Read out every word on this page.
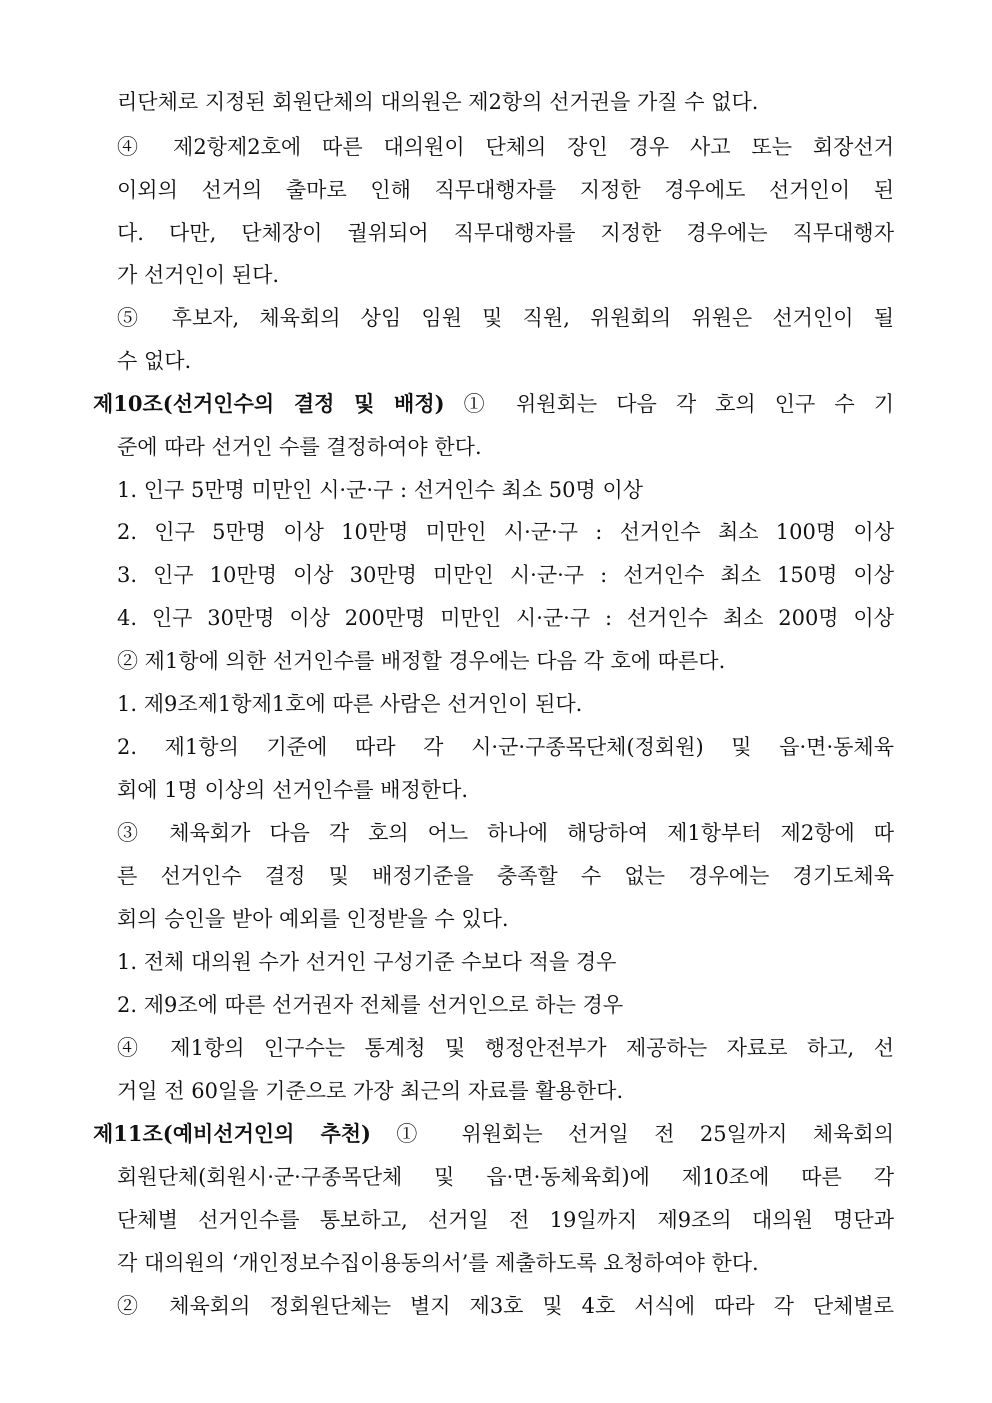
리단체로 지정된 회원단체의 대의원은 제2항의 선거권을 가질 수 없다.
④ 제2항제2호에 따른 대의원이 단체의 장인 경우 사고 또는 회장선거
이외의 선거의 출마로 인해 직무대행자를 지정한 경우에도 선거인이 된
다. 다만, 단체장이 궐위되어 직무대행자를 지정한 경우에는 직무대행자
가 선거인이 된다.
⑤ 후보자, 체육회의 상임 임원 및 직원, 위원회의 위원은 선거인이 될
수 없다.
제10조(선거인수의 결정 및 배정) ① 위원회는 다음 각 호의 인구 수 기
준에 따라 선거인 수를 결정하여야 한다.
1. 인구 5만명 미만인 시·군·구 : 선거인수 최소 50명 이상
2. 인구 5만명 이상 10만명 미만인 시·군·구 : 선거인수 최소 100명 이상
3. 인구 10만명 이상 30만명 미만인 시·군·구 : 선거인수 최소 150명 이상
4. 인구 30만명 이상 200만명 미만인 시·군·구 : 선거인수 최소 200명 이상
② 제1항에 의한 선거인수를 배정할 경우에는 다음 각 호에 따른다.
1. 제9조제1항제1호에 따른 사람은 선거인이 된다.
2. 제1항의 기준에 따라 각 시·군·구종목단체(정회원) 및 읍·면·동체육
회에 1명 이상의 선거인수를 배정한다.
③ 체육회가 다음 각 호의 어느 하나에 해당하여 제1항부터 제2항에 따
른 선거인수 결정 및 배정기준을 충족할 수 없는 경우에는 경기도체육
회의 승인을 받아 예외를 인정받을 수 있다.
1. 전체 대의원 수가 선거인 구성기준 수보다 적을 경우
2. 제9조에 따른 선거권자 전체를 선거인으로 하는 경우
④ 제1항의 인구수는 통계청 및 행정안전부가 제공하는 자료로 하고, 선
거일 전 60일을 기준으로 가장 최근의 자료를 활용한다.
제11조(예비선거인의 추천) ① 위원회는 선거일 전 25일까지 체육회의
회원단체(회원시·군·구종목단체 및 읍·면·동체육회)에 제10조에 따른 각
단체별 선거인수를 통보하고, 선거일 전 19일까지 제9조의 대의원 명단과
각 대의원의 ‘개인정보수집이용동의서’를 제출하도록 요청하여야 한다.
② 체육회의 정회원단체는 별지 제3호 및 4호 서식에 따라 각 단체별로
